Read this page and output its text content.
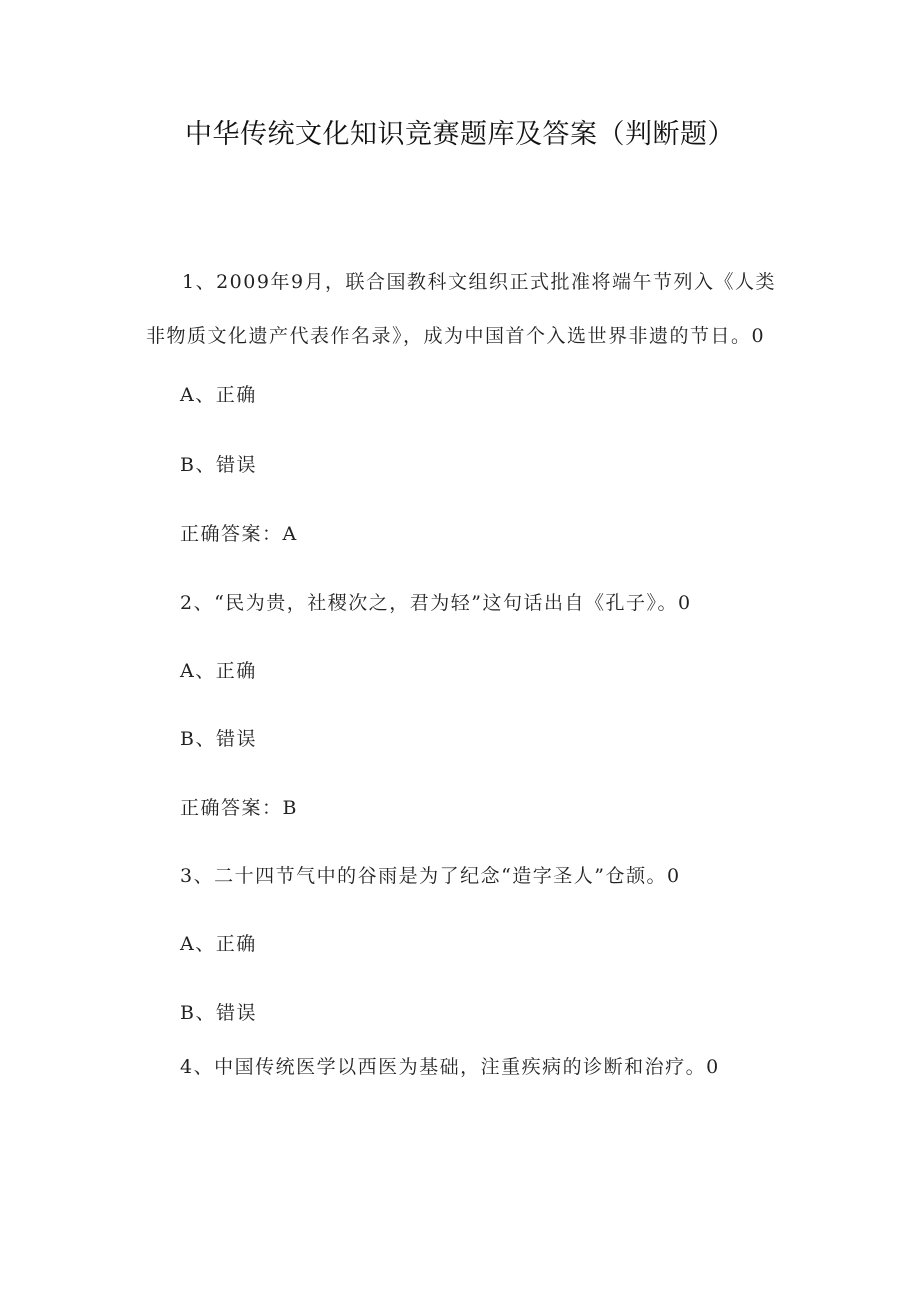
中华传统文化知识竞赛题库及答案（判断题）
1、2009年9月，联合国教科文组织正式批准将端午节列入《人类非物质文化遗产代表作名录》，成为中国首个入选世界非遗的节日。0
A、正确
B、错误
正确答案：A
2、“民为贵，社稷次之，君为轻”这句话出自《孔子》。0
A、正确
B、错误
正确答案：B
3、二十四节气中的谷雨是为了纪念“造字圣人”仓颉。0
A、正确
B、错误
4、中国传统医学以西医为基础，注重疾病的诊断和治疗。0
